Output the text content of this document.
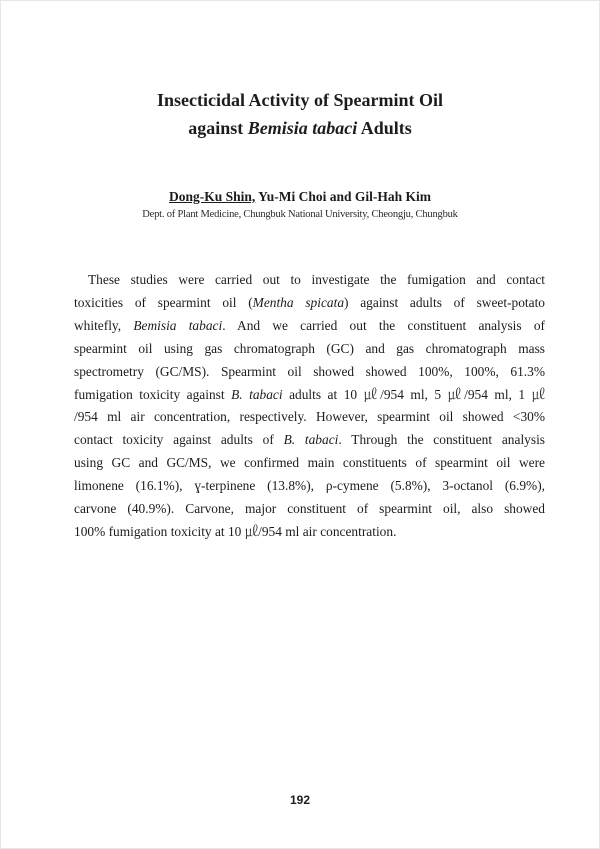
Insecticidal Activity of Spearmint Oil
against Bemisia tabaci Adults
Dong-Ku Shin, Yu-Mi Choi and Gil-Hah Kim
Dept. of Plant Medicine, Chungbuk National University, Cheongju, Chungbuk
These studies were carried out to investigate the fumigation and contact
toxicities of spearmint oil (Mentha spicata) against adults of sweet-potato
whitefly, Bemisia tabaci. And we carried out the constituent analysis of
spearmint oil using gas chromatograph (GC) and gas chromatograph mass
spectrometry (GC/MS). Spearmint oil showed showed 100%, 100%, 61.3%
fumigation toxicity against B. tabaci adults at 10 ㎕/954 ml, 5 ㎕/954 ml, 1 ㎕
/954 ml air concentration, respectively. However, spearmint oil showed <30%
contact toxicity against adults of B. tabaci. Through the constituent analysis
using GC and GC/MS, we confirmed main constituents of spearmint oil were
limonene (16.1%), ɣ-terpinene (13.8%), ρ-cymene (5.8%), 3-octanol (6.9%),
carvone (40.9%). Carvone, major constituent of spearmint oil, also showed
100% fumigation toxicity at 10 ㎕/954 ml air concentration.
192
